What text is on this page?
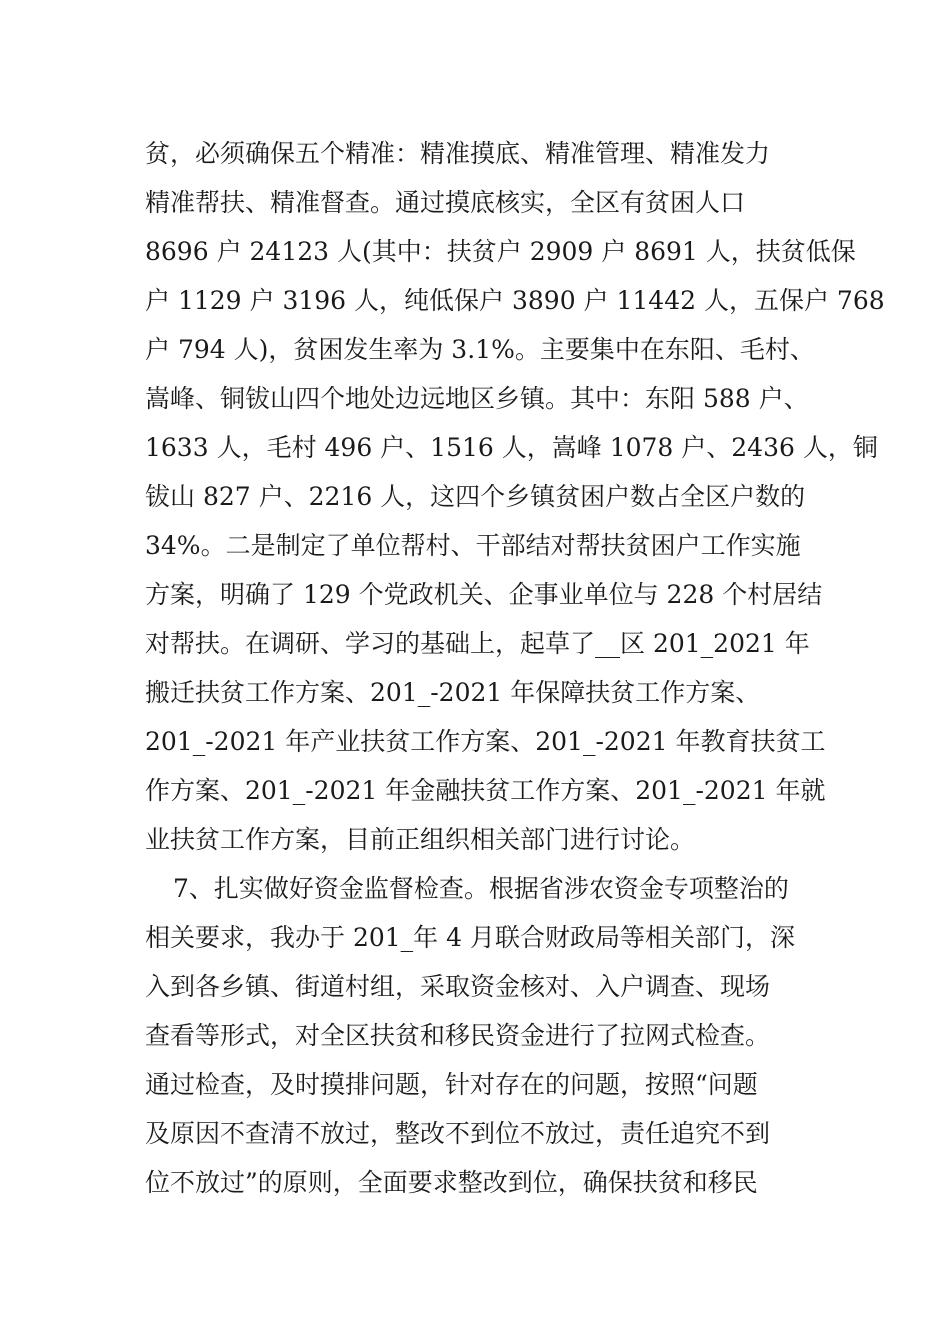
贫，必须确保五个精准：精准摸底、精准管理、精准发力
精准帮扶、精准督查。通过摸底核实，全区有贫困人口
8696 户 24123 人(其中：扶贫户 2909 户 8691 人，扶贫低保
户 1129 户 3196 人，纯低保户 3890 户 11442 人，五保户 768
户 794 人)，贫困发生率为 3.1%。主要集中在东阳、毛村、
嵩峰、铜钹山四个地处边远地区乡镇。其中：东阳 588 户、
1633 人，毛村 496 户、1516 人，嵩峰 1078 户、2436 人，铜
钹山 827 户、2216 人，这四个乡镇贫困户数占全区户数的
34%。二是制定了单位帮村、干部结对帮扶贫困户工作实施
方案，明确了 129 个党政机关、企事业单位与 228 个村居结
对帮扶。在调研、学习的基础上，起草了__区 201_2021 年
搬迁扶贫工作方案、201_-2021 年保障扶贫工作方案、
201_-2021 年产业扶贫工作方案、201_-2021 年教育扶贫工
作方案、201_-2021 年金融扶贫工作方案、201_-2021 年就
业扶贫工作方案，目前正组织相关部门进行讨论。
7、扎实做好资金监督检查。根据省涉农资金专项整治的
相关要求，我办于 201_年 4 月联合财政局等相关部门，深
入到各乡镇、街道村组，采取资金核对、入户调查、现场
查看等形式，对全区扶贫和移民资金进行了拉网式检查。
通过检查，及时摸排问题，针对存在的问题，按照“问题
及原因不查清不放过，整改不到位不放过，责任追究不到
位不放过”的原则，全面要求整改到位，确保扶贫和移民
